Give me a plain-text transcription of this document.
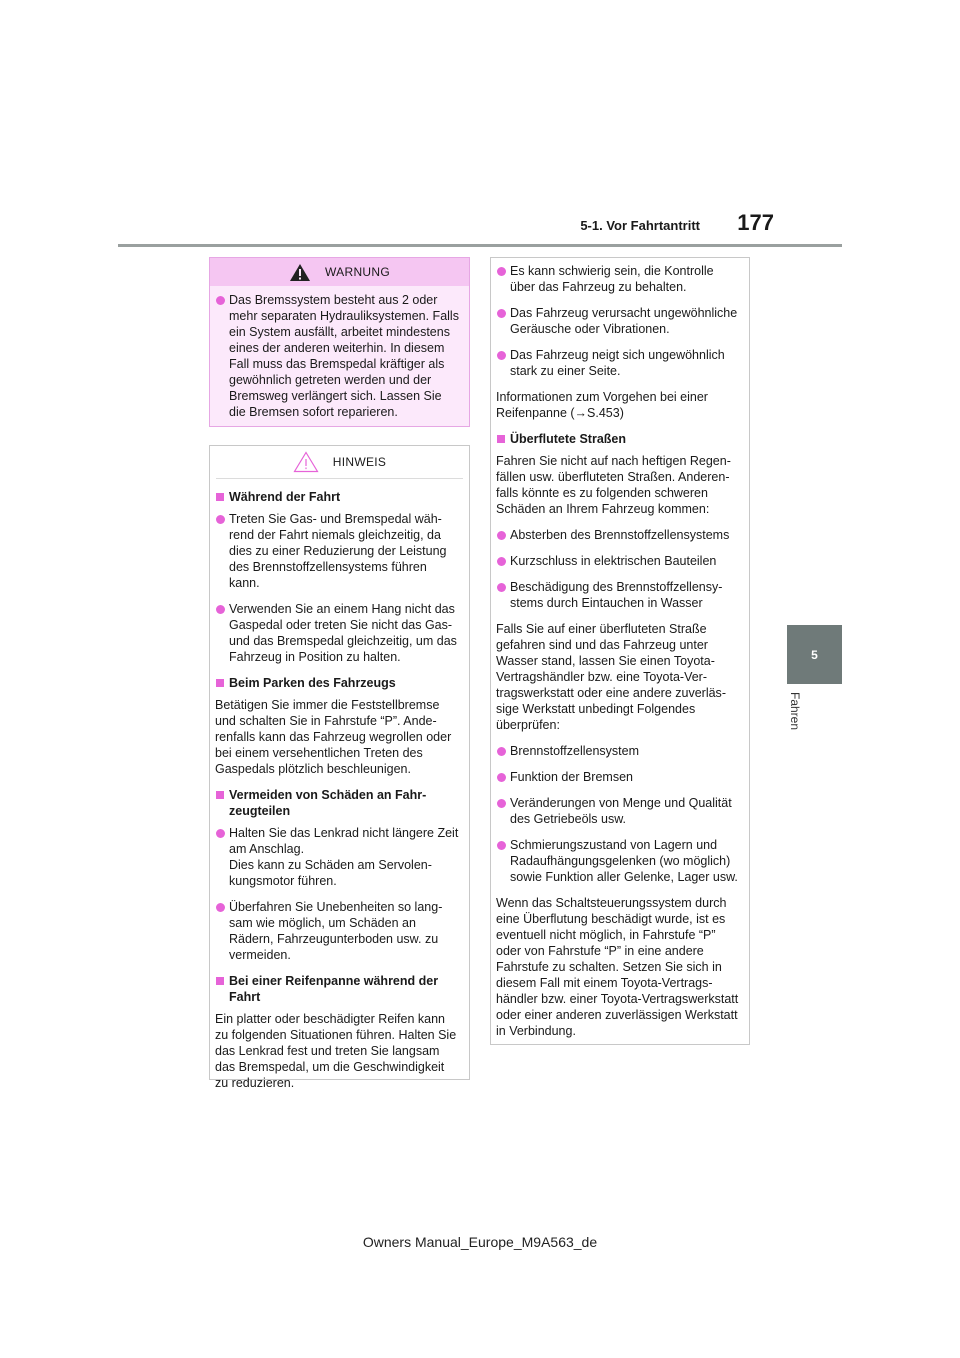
5-1. Vor Fahrtantritt	177
5
Fahren
WARNUNG
Das Bremssystem besteht aus 2 oder mehr separaten Hydrauliksystemen. Falls ein System ausfällt, arbeitet mindestens eines der anderen weiterhin. In diesem Fall muss das Bremspedal kräftiger als gewöhnlich getreten werden und der Bremsweg verlängert sich. Lassen Sie die Bremsen sofort reparieren.
HINWEIS
Während der Fahrt
Treten Sie Gas- und Bremspedal während der Fahrt niemals gleichzeitig, da dies zu einer Reduzierung der Leistung des Brennstoffzellensystems führen kann.
Verwenden Sie an einem Hang nicht das Gaspedal oder treten Sie nicht das Gas- und das Bremspedal gleichzeitig, um das Fahrzeug in Position zu halten.
Beim Parken des Fahrzeugs
Betätigen Sie immer die Feststellbremse und schalten Sie in Fahrstufe “P”. Anderenfalls kann das Fahrzeug wegrollen oder bei einem versehentlichen Treten des Gaspedals plötzlich beschleunigen.
Vermeiden von Schäden an Fahrzeugteilen
Halten Sie das Lenkrad nicht längere Zeit am Anschlag.
Dies kann zu Schäden am Servolenkungsmotor führen.
Überfahren Sie Unebenheiten so langsam wie möglich, um Schäden an Rädern, Fahrzeugunterboden usw. zu vermeiden.
Bei einer Reifenpanne während der Fahrt
Ein platter oder beschädigter Reifen kann zu folgenden Situationen führen. Halten Sie das Lenkrad fest und treten Sie langsam das Bremspedal, um die Geschwindigkeit zu reduzieren.
Es kann schwierig sein, die Kontrolle über das Fahrzeug zu behalten.
Das Fahrzeug verursacht ungewöhnliche Geräusche oder Vibrationen.
Das Fahrzeug neigt sich ungewöhnlich stark zu einer Seite.
Informationen zum Vorgehen bei einer Reifenpanne (→S.453)
Überflutete Straßen
Fahren Sie nicht auf nach heftigen Regenfällen usw. überfluteten Straßen. Anderenfalls könnte es zu folgenden schweren Schäden an Ihrem Fahrzeug kommen:
Absterben des Brennstoffzellensystems
Kurzschluss in elektrischen Bauteilen
Beschädigung des Brennstoffzellensystems durch Eintauchen in Wasser
Falls Sie auf einer überfluteten Straße gefahren sind und das Fahrzeug unter Wasser stand, lassen Sie einen Toyota-Vertragshändler bzw. eine Toyota-Vertragswerkstatt oder eine andere zuverlässige Werkstatt unbedingt Folgendes überprüfen:
Brennstoffzellensystem
Funktion der Bremsen
Veränderungen von Menge und Qualität des Getriebeöls usw.
Schmierungszustand von Lagern und Radaufhängungsgelenken (wo möglich) sowie Funktion aller Gelenke, Lager usw.
Wenn das Schaltsteuerungssystem durch eine Überflutung beschädigt wurde, ist es eventuell nicht möglich, in Fahrstufe “P” oder von Fahrstufe “P” in eine andere Fahrstufe zu schalten. Setzen Sie sich in diesem Fall mit einem Toyota-Vertragshändler bzw. einer Toyota-Vertragswerkstatt oder einer anderen zuverlässigen Werkstatt in Verbindung.
Owners Manual_Europe_M9A563_de
